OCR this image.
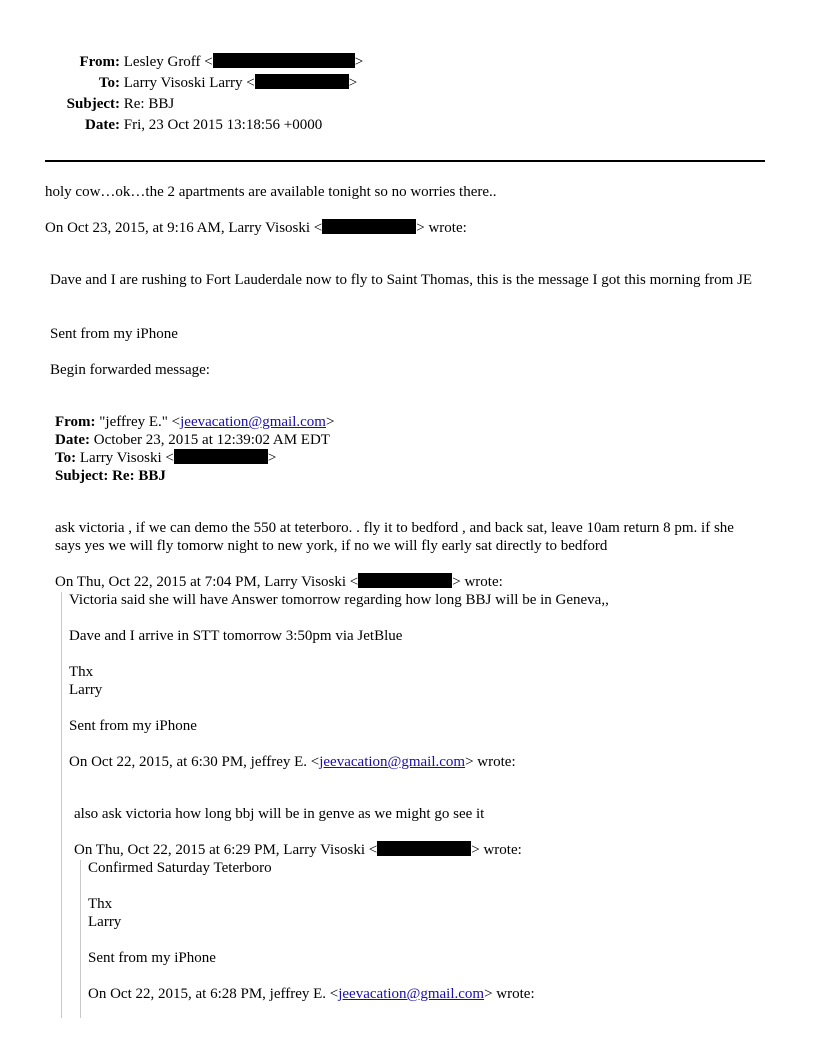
From: Lesley Groff <	>
To: Larry Visoski Larry <	>
Subject: Re: BBJ
Date: Fri, 23 Oct 2015 13:18:56 +0000
holy cow…ok…the 2 apartments are available tonight so no worries there..
On Oct 23, 2015, at 9:16 AM, Larry Visoski <	> wrote:
Dave and I are rushing to Fort Lauderdale now to fly to Saint Thomas, this is the message I got this morning from JE
Sent from my iPhone
Begin forwarded message:
From: "jeffrey E." <jeevacation@gmail.com>
Date: October 23, 2015 at 12:39:02 AM EDT
To: Larry Visoski <	>
Subject: Re: BBJ
ask victoria , if we can demo the 550 at teterboro. . fly it to bedford , and back sat, leave 10am return 8 pm. if she says yes we will fly tomorw night to new york, if no we will fly early sat directly to bedford
On Thu, Oct 22, 2015 at 7:04 PM, Larry Visoski <	> wrote:
Victoria said she will have Answer tomorrow regarding how long BBJ will be in Geneva,,
Dave and I arrive in STT tomorrow 3:50pm via JetBlue
Thx
Larry
Sent from my iPhone
On Oct 22, 2015, at 6:30 PM, jeffrey E. <jeevacation@gmail.com> wrote:
also ask victoria how long bbj will be in genve as we might go see it
On Thu, Oct 22, 2015 at 6:29 PM, Larry Visoski <	> wrote:
Confirmed Saturday Teterboro
Thx
Larry
Sent from my iPhone
On Oct 22, 2015, at 6:28 PM, jeffrey E. <jeevacation@gmail.com> wrote:
